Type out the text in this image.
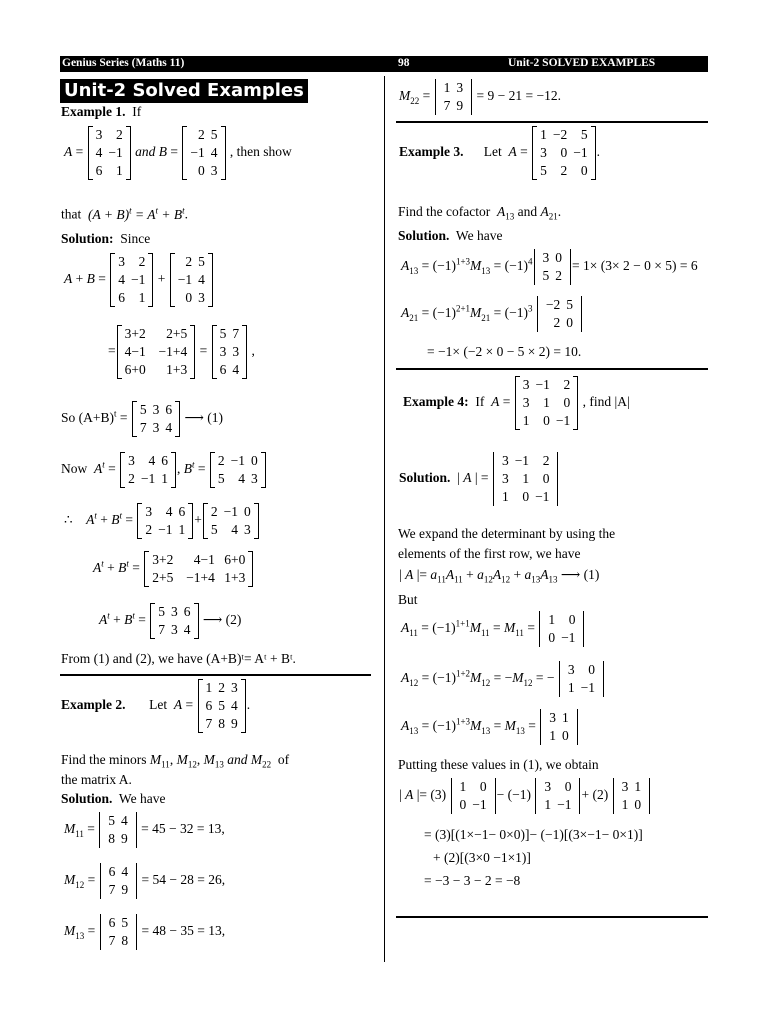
Genius Series (Maths 11)	98	Unit-2 SOLVED EXAMPLES
Unit-2 Solved Examples
Example 1. If
A =
3	2
4	−1
6	1
and B =
2	5
−1	4
0	3
, then show
that $(A + B)^t = A^t + B^t$.
Solution: Since
A + B =
3	2
4	−1
6	1
+
2	5
−1	4
0	3
=
3+2	2+5
4−1	−1+4
6+0	1+3
=
5	7
3	3
6	4
,
So $(A+B)^t$ =
5	3	6
7	3	4
⟶ (1)
Now $A^t$ =
3	4	6
2	−1	1
, $B^t$ =
2	−1	0
5	4	3
∴    $A^t + B^t$ =
3	4	6
2	−1	1
+
2	−1	0
5	4	3
$A^t + B^t$ =
3+2	4−1	6+0
2+5	−1+4	1+3
$A^t + B^t$ =
5	3	6
7	3	4
⟶ (2)
From (1) and (2), we have (A+B)ᵗ= Aᵗ + Bᵗ.
Example 2. Let A =
1	2	3
6	5	4
7	8	9
.
Find the minors $M_{11}$, $M_{12}$, $M_{13}$ and $M_{22}$ of
the matrix A.
Solution. We have
$M_{11}$ =
5	4
8	9
= 45 − 32 = 13,
$M_{12}$ =
6	4
7	9
= 54 − 28 = 26,
$M_{13}$ =
6	5
7	8
= 48 − 35 = 13,
$M_{22}$ =
1	3
7	9
= 9 − 21 = −12.
Example 3. Let A =
1	−2	5
3	0	−1
5	2	0
.
Find the cofactor $A_{13}$ and $A_{21}$.
Solution. We have
$A_{13} = (-1)^{1+3}M_{13} = (-1)^4$ 3	0
5	2
= 1× (3× 2 − 0 × 5) = 6
$A_{21} = (-1)^{2+1}M_{21} = (-1)^3 -2$	5
2	0
= −1× (−2 × 0 − 5 × 2) = 10.
Example 4: If A =
3	−1	2
3	1	0
1	0	−1
, find |A|
Solution.  | A | =
3	−1	2
3	1	0
1	0	−1
We expand the determinant by using the
elements of the first row, we have
| A |= $a_{11}A_{11} + a_{12}A_{12} + a_{13}A_{13}$ ⟶ (1)
But
$A_{11} = (-1)^{1+1}M_{11} = M_{11}$ =
1	0
0	−1
$A_{12} = (-1)^{1+2}M_{12} = -M_{12}$ = −
3	0
1	−1
$A_{13} = (-1)^{1+3}M_{13} = M_{13}$ =
3	1
1	0
Putting these values in (1), we obtain
| A |= (3)
1	0
0	−1
− (−1)
3	0
1	−1
+ (2)
3	1
1	0
= (3)[(1×−1− 0×0)]− (−1)[(3×−1− 0×1)]
+ (2)[(3×0 −1×1)]
= −3 − 3 − 2 = −8
